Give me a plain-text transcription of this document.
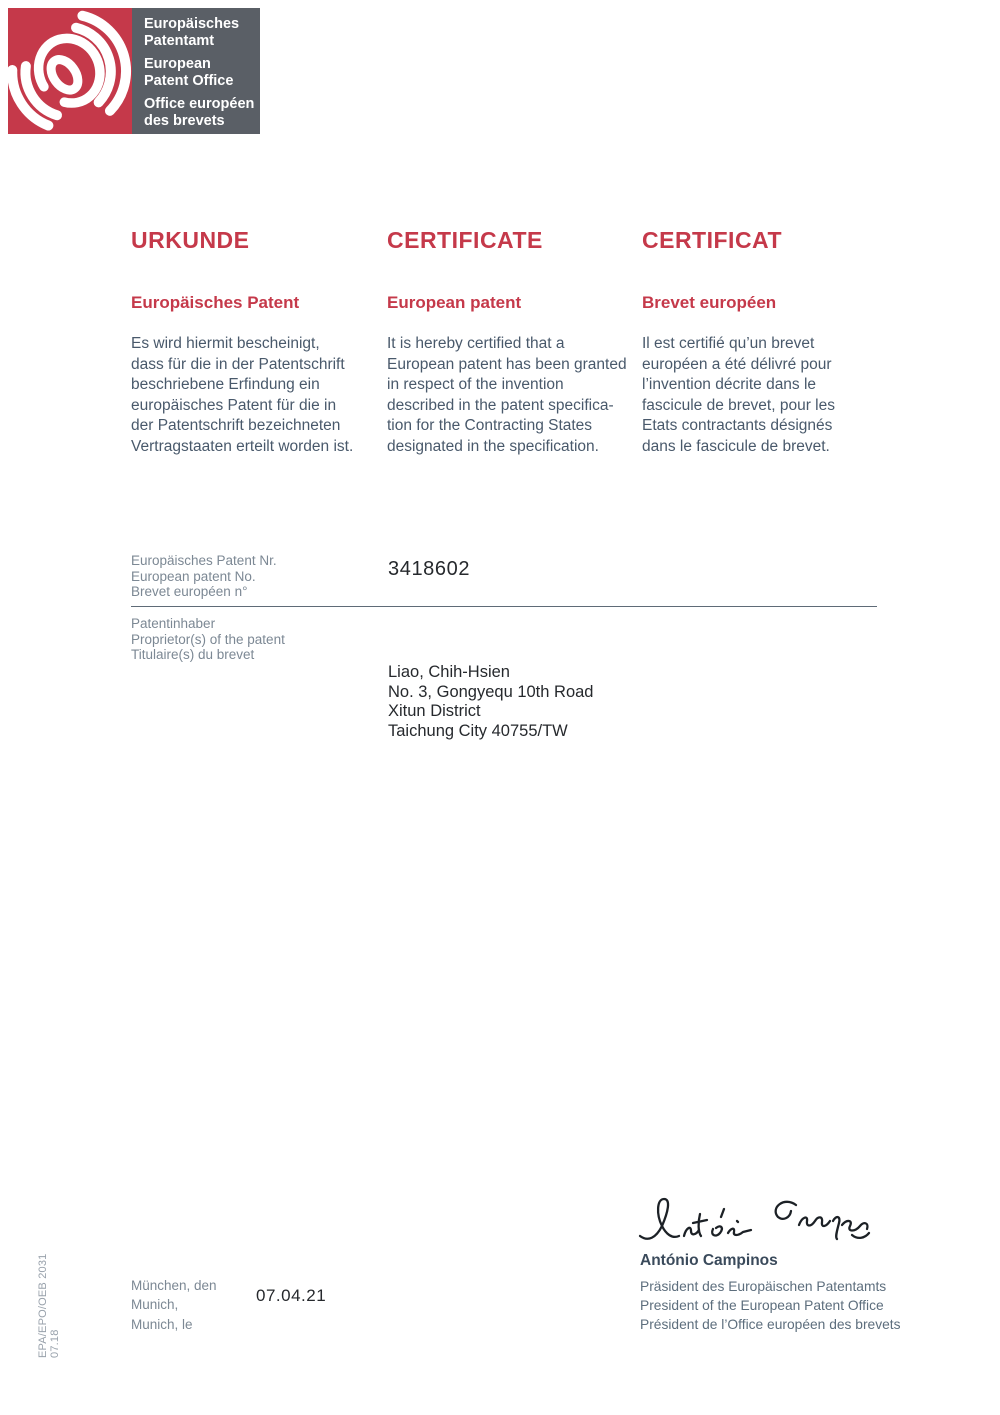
Europäisches
Patentamt
European
Patent Office
Office européen
des brevets
URKUNDE
Europäisches Patent
Es wird hiermit bescheinigt,
dass für die in der Patentschrift
beschriebene Erfindung ein
europäisches Patent für die in
der Patentschrift bezeichneten
Vertragstaaten erteilt worden ist.
CERTIFICATE
European patent
It is hereby certified that a
European patent has been granted
in respect of the invention
described in the patent specifica-
tion for the Contracting States
designated in the specification.
CERTIFICAT
Brevet européen
Il est certifié qu’un brevet
européen a été délivré pour
l’invention décrite dans le
fascicule de brevet, pour les
Etats contractants désignés
dans le fascicule de brevet.
Europäisches Patent Nr.
European patent No.
Brevet européen n°
3418602
Patentinhaber
Proprietor(s) of the patent
Titulaire(s) du brevet
Liao, Chih-Hsien
No. 3, Gongyequ 10th Road
Xitun District
Taichung City 40755/TW
António Campinos
Präsident des Europäischen Patentamts
President of the European Patent Office
Président de l’Office européen des brevets
München, den
Munich,
Munich, le
07.04.21
EPA/EPO/OEB 2031 07.18
